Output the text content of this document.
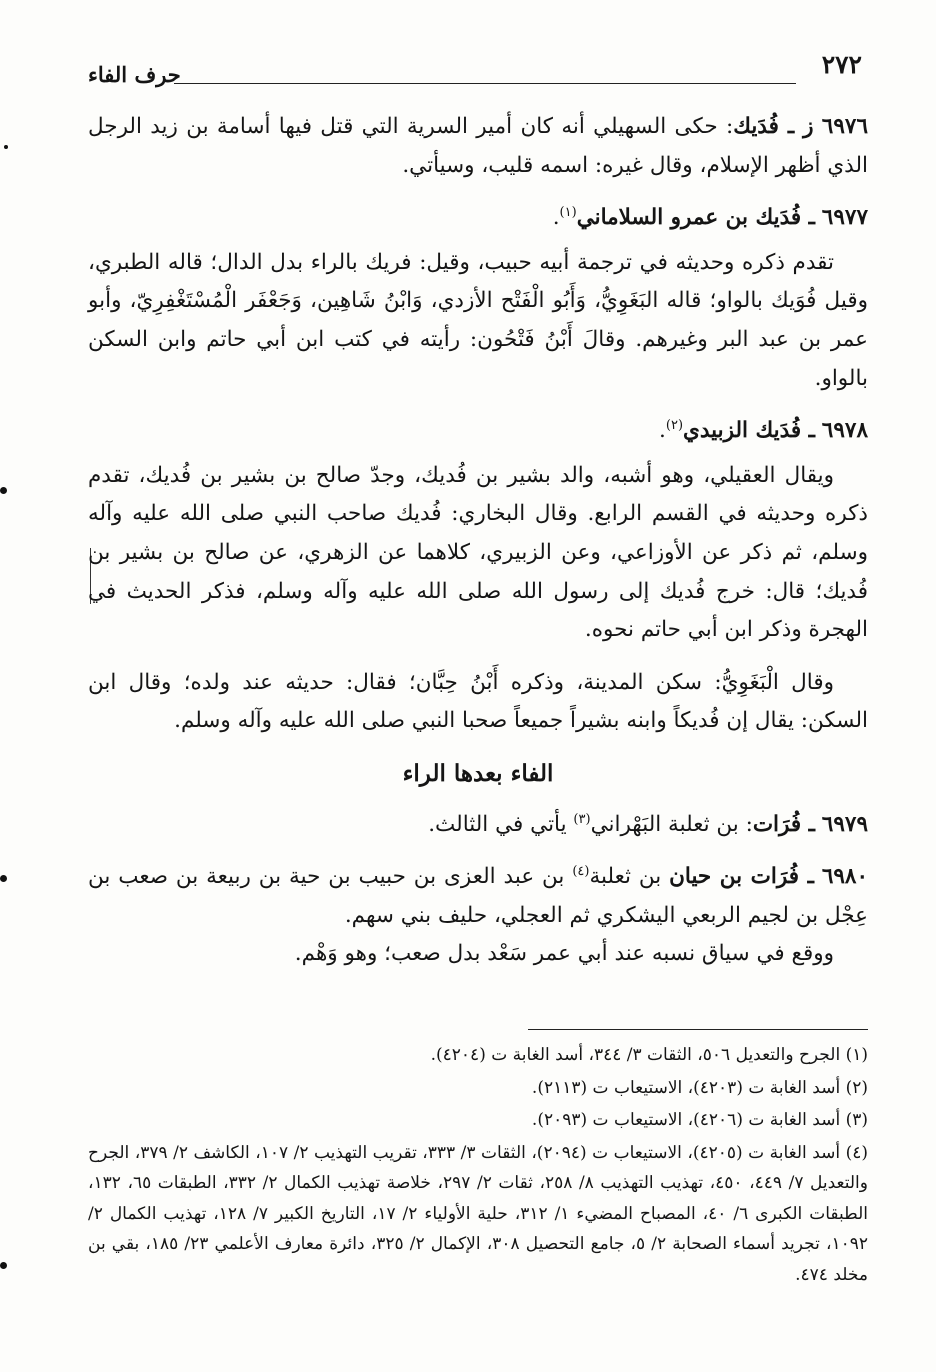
٢٧٢
حرف الفاء

٦٩٧٦ ز ـ فُدَيك: حكى السهيلي أنه كان أمير السرية التي قتل فيها أسامة بن زيد الرجل الذي أظهر الإسلام، وقال غيره: اسمه قليب، وسيأتي.

٦٩٧٧ ـ فُدَيك بن عمرو السلاماني$^{(١)}$.

تقدم ذكره وحديثه في ترجمة أبيه حبيب، وقيل: فريك بالراء بدل الدال؛ قاله الطبري، وقيل فُوَيك بالواو؛ قاله البَغَوِيُّ، وَأَبُو الْفَتْح الأزدي، وَابْنُ شَاهِين، وَجَعْفَر الْمُسْتَغْفِرِيّ، وأبو عمر بن عبد البر وغيرهم. وقالَ أَبْنُ فَتْحُون: رأيته في كتب ابن أبي حاتم وابن السكن بالواو.

٦٩٧٨ ـ فُدَيك الزبيدي$^{(٢)}$.

ويقال العقيلي، وهو أشبه، والد بشير بن فُديك، وجدّ صالح بن بشير بن فُديك، تقدم ذكره وحديثه في القسم الرابع. وقال البخاري: فُديك صاحب النبي صلى الله عليه وآله وسلم، ثم ذكر عن الأوزاعي، وعن الزبيري، كلاهما عن الزهري، عن صالح بن بشير بن فُديك؛ قال: خرج فُديك إلى رسول الله صلى الله عليه وآله وسلم، فذكر الحديث في الهجرة وذكر ابن أبي حاتم نحوه.

وقال الْبَغَوِيُّ: سكن المدينة، وذكره أَبْنُ حِبَّان؛ فقال: حديثه عند ولده؛ وقال ابن السكن: يقال إن فُديكاً وابنه بشيراً جميعاً صحبا النبي صلى الله عليه وآله وسلم.

الفاء بعدها الراء

٦٩٧٩ ـ فُرَات: بن ثعلبة البَهْراني$^{(٣)}$ يأتي في الثالث.

٦٩٨٠ ـ فُرَات بن حيان بن ثعلبة$^{(٤)}$ بن عبد العزى بن حبيب بن حية بن ربيعة بن صعب بن عِجْل بن لجيم الربعي اليشكري ثم العجلي، حليف بني سهم.

ووقع في سياق نسبه عند أبي عمر سَعْد بدل صعب؛ وهو وَهْم.

(١) الجرح والتعديل ٥٠٦، الثقات ٣/ ٣٤٤، أسد الغابة ت (٤٢٠٤).

(٢) أسد الغابة ت (٤٢٠٣)، الاستيعاب ت (٢١١٣).

(٣) أسد الغابة ت (٤٢٠٦)، الاستيعاب ت (٢٠٩٣).

(٤) أسد الغابة ت (٤٢٠٥)، الاستيعاب ت (٢٠٩٤)، الثقات ٣/ ٣٣٣، تقريب التهذيب ٢/ ١٠٧، الكاشف ٢/ ٣٧٩، الجرح والتعديل ٧/ ٤٤٩، ٤٥٠، تهذيب التهذيب ٨/ ٢٥٨، ثقات ٢/ ٢٩٧، خلاصة تهذيب الكمال ٢/ ٣٣٢، الطبقات ٦٥، ١٣٢، الطبقات الكبرى ٦/ ٤٠، المصباح المضيء ١/ ٣١٢، حلية الأولياء ٢/ ١٧، التاريخ الكبير ٧/ ١٢٨، تهذيب الكمال ٢/ ١٠٩٢، تجريد أسماء الصحابة ٢/ ٥، جامع التحصيل ٣٠٨، الإكمال ٢/ ٣٢٥، دائرة معارف الأعلمي ٢٣/ ١٨٥، بقي بن مخلد ٤٧٤.
